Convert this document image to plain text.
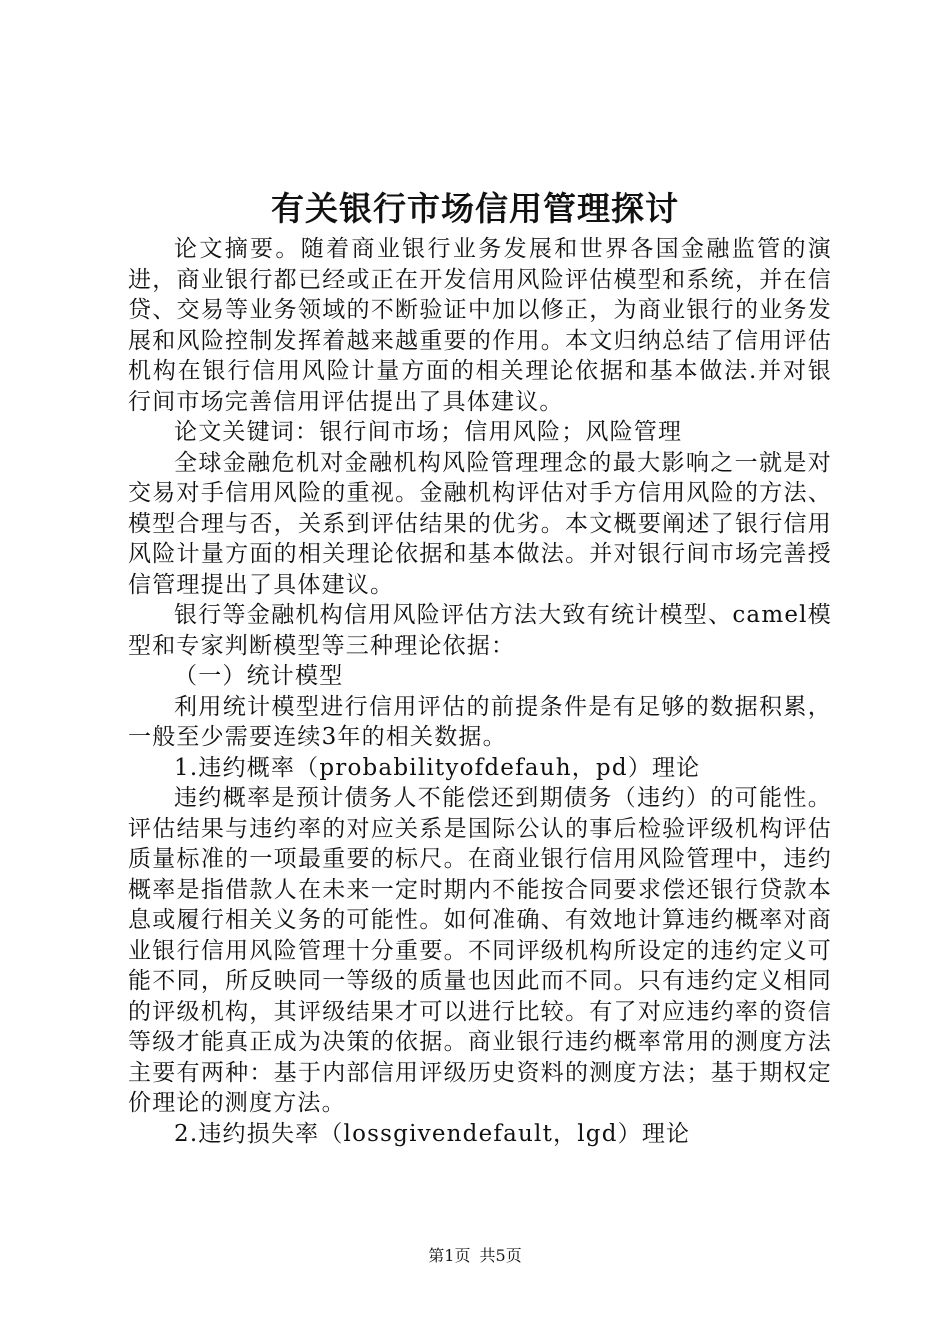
有关银行市场信用管理探讨

论文摘要。随着商业银行业务发展和世界各国金融监管的演进，商业银行都已经或正在开发信用风险评估模型和系统，并在信贷、交易等业务领域的不断验证中加以修正，为商业银行的业务发展和风险控制发挥着越来越重要的作用。本文归纳总结了信用评估机构在银行信用风险计量方面的相关理论依据和基本做法.并对银行间市场完善信用评估提出了具体建议。

论文关键词：银行间市场；信用风险；风险管理

全球金融危机对金融机构风险管理理念的最大影响之一就是对交易对手信用风险的重视。金融机构评估对手方信用风险的方法、模型合理与否，关系到评估结果的优劣。本文概要阐述了银行信用风险计量方面的相关理论依据和基本做法。并对银行间市场完善授信管理提出了具体建议。

银行等金融机构信用风险评估方法大致有统计模型、camel模型和专家判断模型等三种理论依据：

（一）统计模型

利用统计模型进行信用评估的前提条件是有足够的数据积累，一般至少需要连续3年的相关数据。

1.违约概率（probabilityofdefauh，pd）理论

违约概率是预计债务人不能偿还到期债务（违约）的可能性。评估结果与违约率的对应关系是国际公认的事后检验评级机构评估质量标准的一项最重要的标尺。在商业银行信用风险管理中，违约概率是指借款人在未来一定时期内不能按合同要求偿还银行贷款本息或履行相关义务的可能性。如何准确、有效地计算违约概率对商业银行信用风险管理十分重要。不同评级机构所设定的违约定义可能不同，所反映同一等级的质量也因此而不同。只有违约定义相同的评级机构，其评级结果才可以进行比较。有了对应违约率的资信等级才能真正成为决策的依据。商业银行违约概率常用的测度方法主要有两种：基于内部信用评级历史资料的测度方法；基于期权定价理论的测度方法。

2.违约损失率（lossgivendefault，lgd）理论

第1页 共5页
